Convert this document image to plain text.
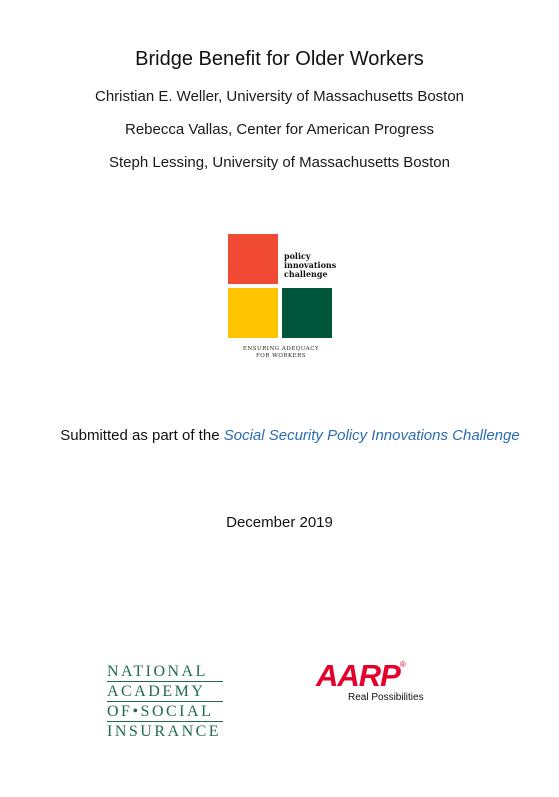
Bridge Benefit for Older Workers
Christian E. Weller, University of Massachusetts Boston
Rebecca Vallas, Center for American Progress
Steph Lessing, University of Massachusetts Boston
policy
innovations
challenge
ENSURING ADEQUACY
FOR WORKERS
Submitted as part of the Social Security Policy Innovations Challenge
December 2019
NATIONAL
ACADEMY
OF•SOCIAL
INSURANCE
AARP®
Real Possibilities
